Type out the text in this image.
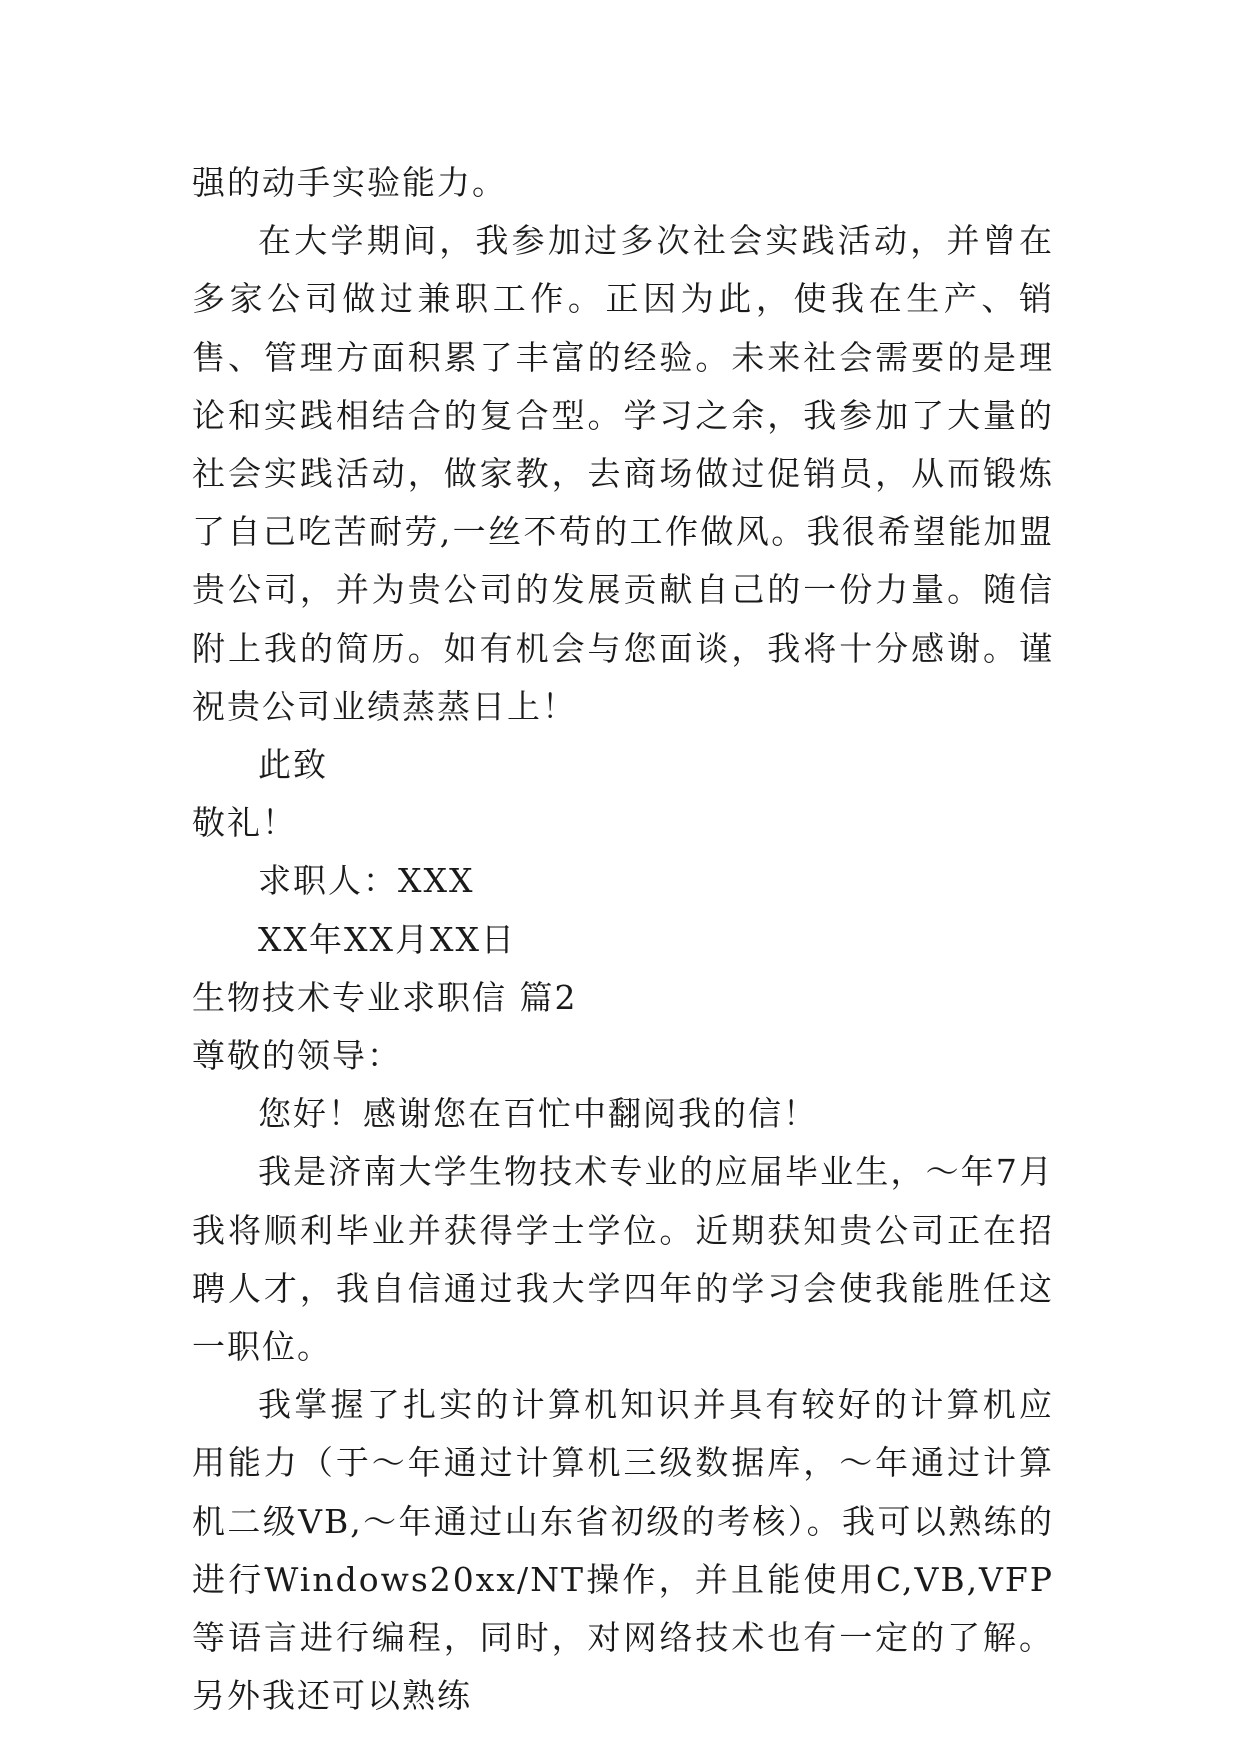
强的动手实验能力。

在大学期间，我参加过多次社会实践活动，并曾在多家公司做过兼职工作。正因为此，使我在生产、销售、管理方面积累了丰富的经验。未来社会需要的是理论和实践相结合的复合型。学习之余，我参加了大量的社会实践活动，做家教，去商场做过促销员，从而锻炼了自己吃苦耐劳,一丝不苟的工作做风。我很希望能加盟贵公司，并为贵公司的发展贡献自己的一份力量。随信附上我的简历。如有机会与您面谈，我将十分感谢。谨祝贵公司业绩蒸蒸日上！

此致

敬礼！

求职人：XXX

XX年XX月XX日

生物技术专业求职信 篇2

尊敬的领导：

您好！感谢您在百忙中翻阅我的信！

我是济南大学生物技术专业的应届毕业生，～年7月我将顺利毕业并获得学士学位。近期获知贵公司正在招聘人才，我自信通过我大学四年的学习会使我能胜任这一职位。

我掌握了扎实的计算机知识并具有较好的计算机应用能力（于～年通过计算机三级数据库，～年通过计算机二级VB,～年通过山东省初级的考核）。我可以熟练的进行Windows20xx/NT操作，并且能使用C,VB,VFP等语言进行编程，同时，对网络技术也有一定的了解。另外我还可以熟练
